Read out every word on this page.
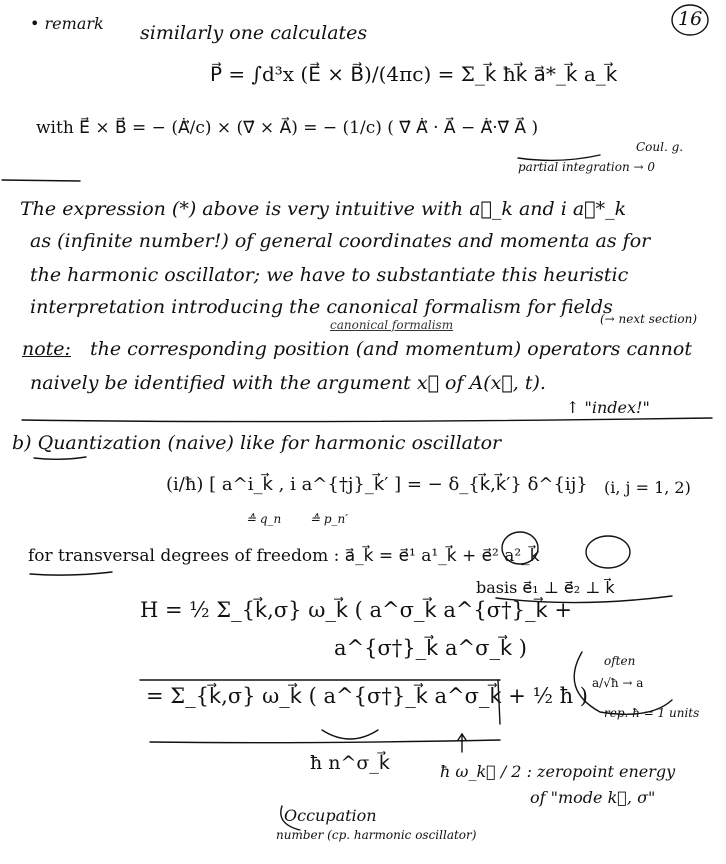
16
• remark similarly one calculates
P⃗ = ∫d³x (E⃗ × B⃗)/(4πc) = Σ_k⃗ ħk⃗ a⃗*_k⃗ a_k⃗
with E⃗ × B⃗ = − (Ȧ⃗/c) × (∇⃗ × A⃗) = − (1/c) ( ∇⃗ Ȧ⃗ · A⃗ − Ȧ⃗·∇⃗ A⃗ )
Coul. g.
partial integration → 0
The expression (*) above is very intuitive with a⃗_k and i a⃗*_k
as (infinite number!) of general coordinates and momenta as for
the harmonic oscillator; we have to substantiate this heuristic
interpretation introducing the canonical formalism for fields
canonical formalism	(→ next section)
note: the corresponding position (and momentum) operators cannot
naively be identified with the argument x⃗ of A(x⃗, t).
↑ "index!"
b) Quantization (naive) like for harmonic oscillator
(i/ħ) [ a^i_k⃗ , i a^{†j}_k⃗′ ] = − δ_{k⃗,k⃗′} δ^{ij} (i, j = 1, 2)
≙ q_n ≙ p_n′
for transversal degrees of freedom : a⃗_k⃗ = e⃗¹ a¹_k⃗ + e⃗² a²_k⃗
basis e⃗₁ ⊥ e⃗₂ ⊥ k⃗
H = ½ Σ_{k⃗,σ} ω_k⃗ ( a^σ_k⃗ a^{σ†}_k⃗ +
a^{σ†}_k⃗ a^σ_k⃗ )
= Σ_{k⃗,σ} ω_k⃗ ( a^{σ†}_k⃗ a^σ_k⃗ + ½ ħ )
often
a/√ħ → a
rep. ħ = 1 units
ħ n^σ_k⃗	ħ ω_k⃗ / 2 : zeropoint energy
of "mode k⃗, σ"
Occupation
number (cp. harmonic oscillator)
